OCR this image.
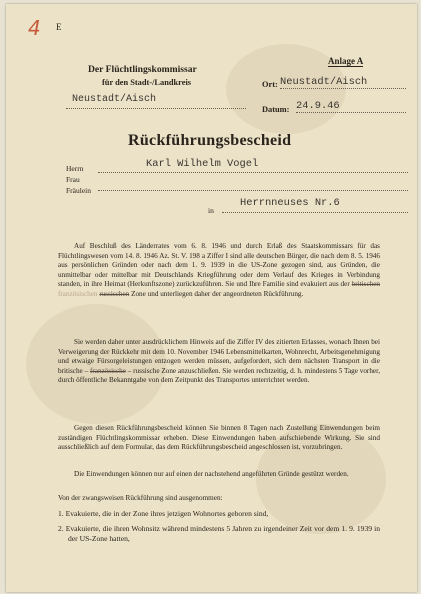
4 E
Anlage A
Der Flüchtlingskommissar
für den Stadt-/Landkreis
Neustadt/Aisch
Ort: Neustadt/Aisch
Datum: 24.9.46
Rückführungsbescheid
Herrn
Frau
Fräulein
Karl Wilhelm Vogel
in
Herrnneuses Nr.6

Auf Beschluß des Länderrates vom 6. 8. 1946 und durch Erlaß des Staatskommissars für das Flüchtlingswesen vom 14. 8. 1946 Az. St. V. 198 a Ziffer I sind alle deutschen Bürger, die nach dem 8. 5. 1946 aus persönlichen Gründen oder nach dem 1. 9. 1939 in die US-Zone gezogen sind, aus Gründen, die unmittelbar oder mittelbar mit Deutschlands Kriegführung oder dem Verlauf des Krieges in Verbindung standen, in ihre Heimat (Herkunftszone) zurückzuführen. Sie und Ihre Familie sind evakuiert aus der britischen französischen russischen Zone und unterliegen daher der angeordneten Rückführung.

Sie werden daher unter ausdrücklichem Hinweis auf die Ziffer IV des zitierten Erlasses, wonach Ihnen bei Verweigerung der Rückkehr mit dem 10. November 1946 Lebensmittelkarten, Wohnrecht, Arbeitsgenehmigung und etwaige Fürsorgeleistungen entzogen werden müssen, aufgefordert, sich dem nächsten Transport in die britische – französische – russische Zone anzuschließen. Sie werden rechtzeitig, d. h. mindestens 5 Tage vorher, durch öffentliche Bekanntgabe von dem Zeitpunkt des Transportes unterrichtet werden.

Gegen diesen Rückführungsbescheid können Sie binnen 8 Tagen nach Zustellung Einwendungen beim zuständigen Flüchtlingskommissar erheben. Diese Einwendungen haben aufschiebende Wirkung. Sie sind ausschließlich auf dem Formular, das dem Rückführungsbescheid angeschlossen ist, vorzubringen.

Die Einwendungen können nur auf einen der nachstehend angeführten Gründe gestützt werden.

Von der zwangsweisen Rückführung sind ausgenommen:

1. Evakuierte, die in der Zone ihres jetzigen Wohnortes geboren sind,

2. Evakuierte, die ihren Wohnsitz während mindestens 5 Jahren zu irgendeiner Zeit vor dem 1. 9. 1939 in der US-Zone hatten,
